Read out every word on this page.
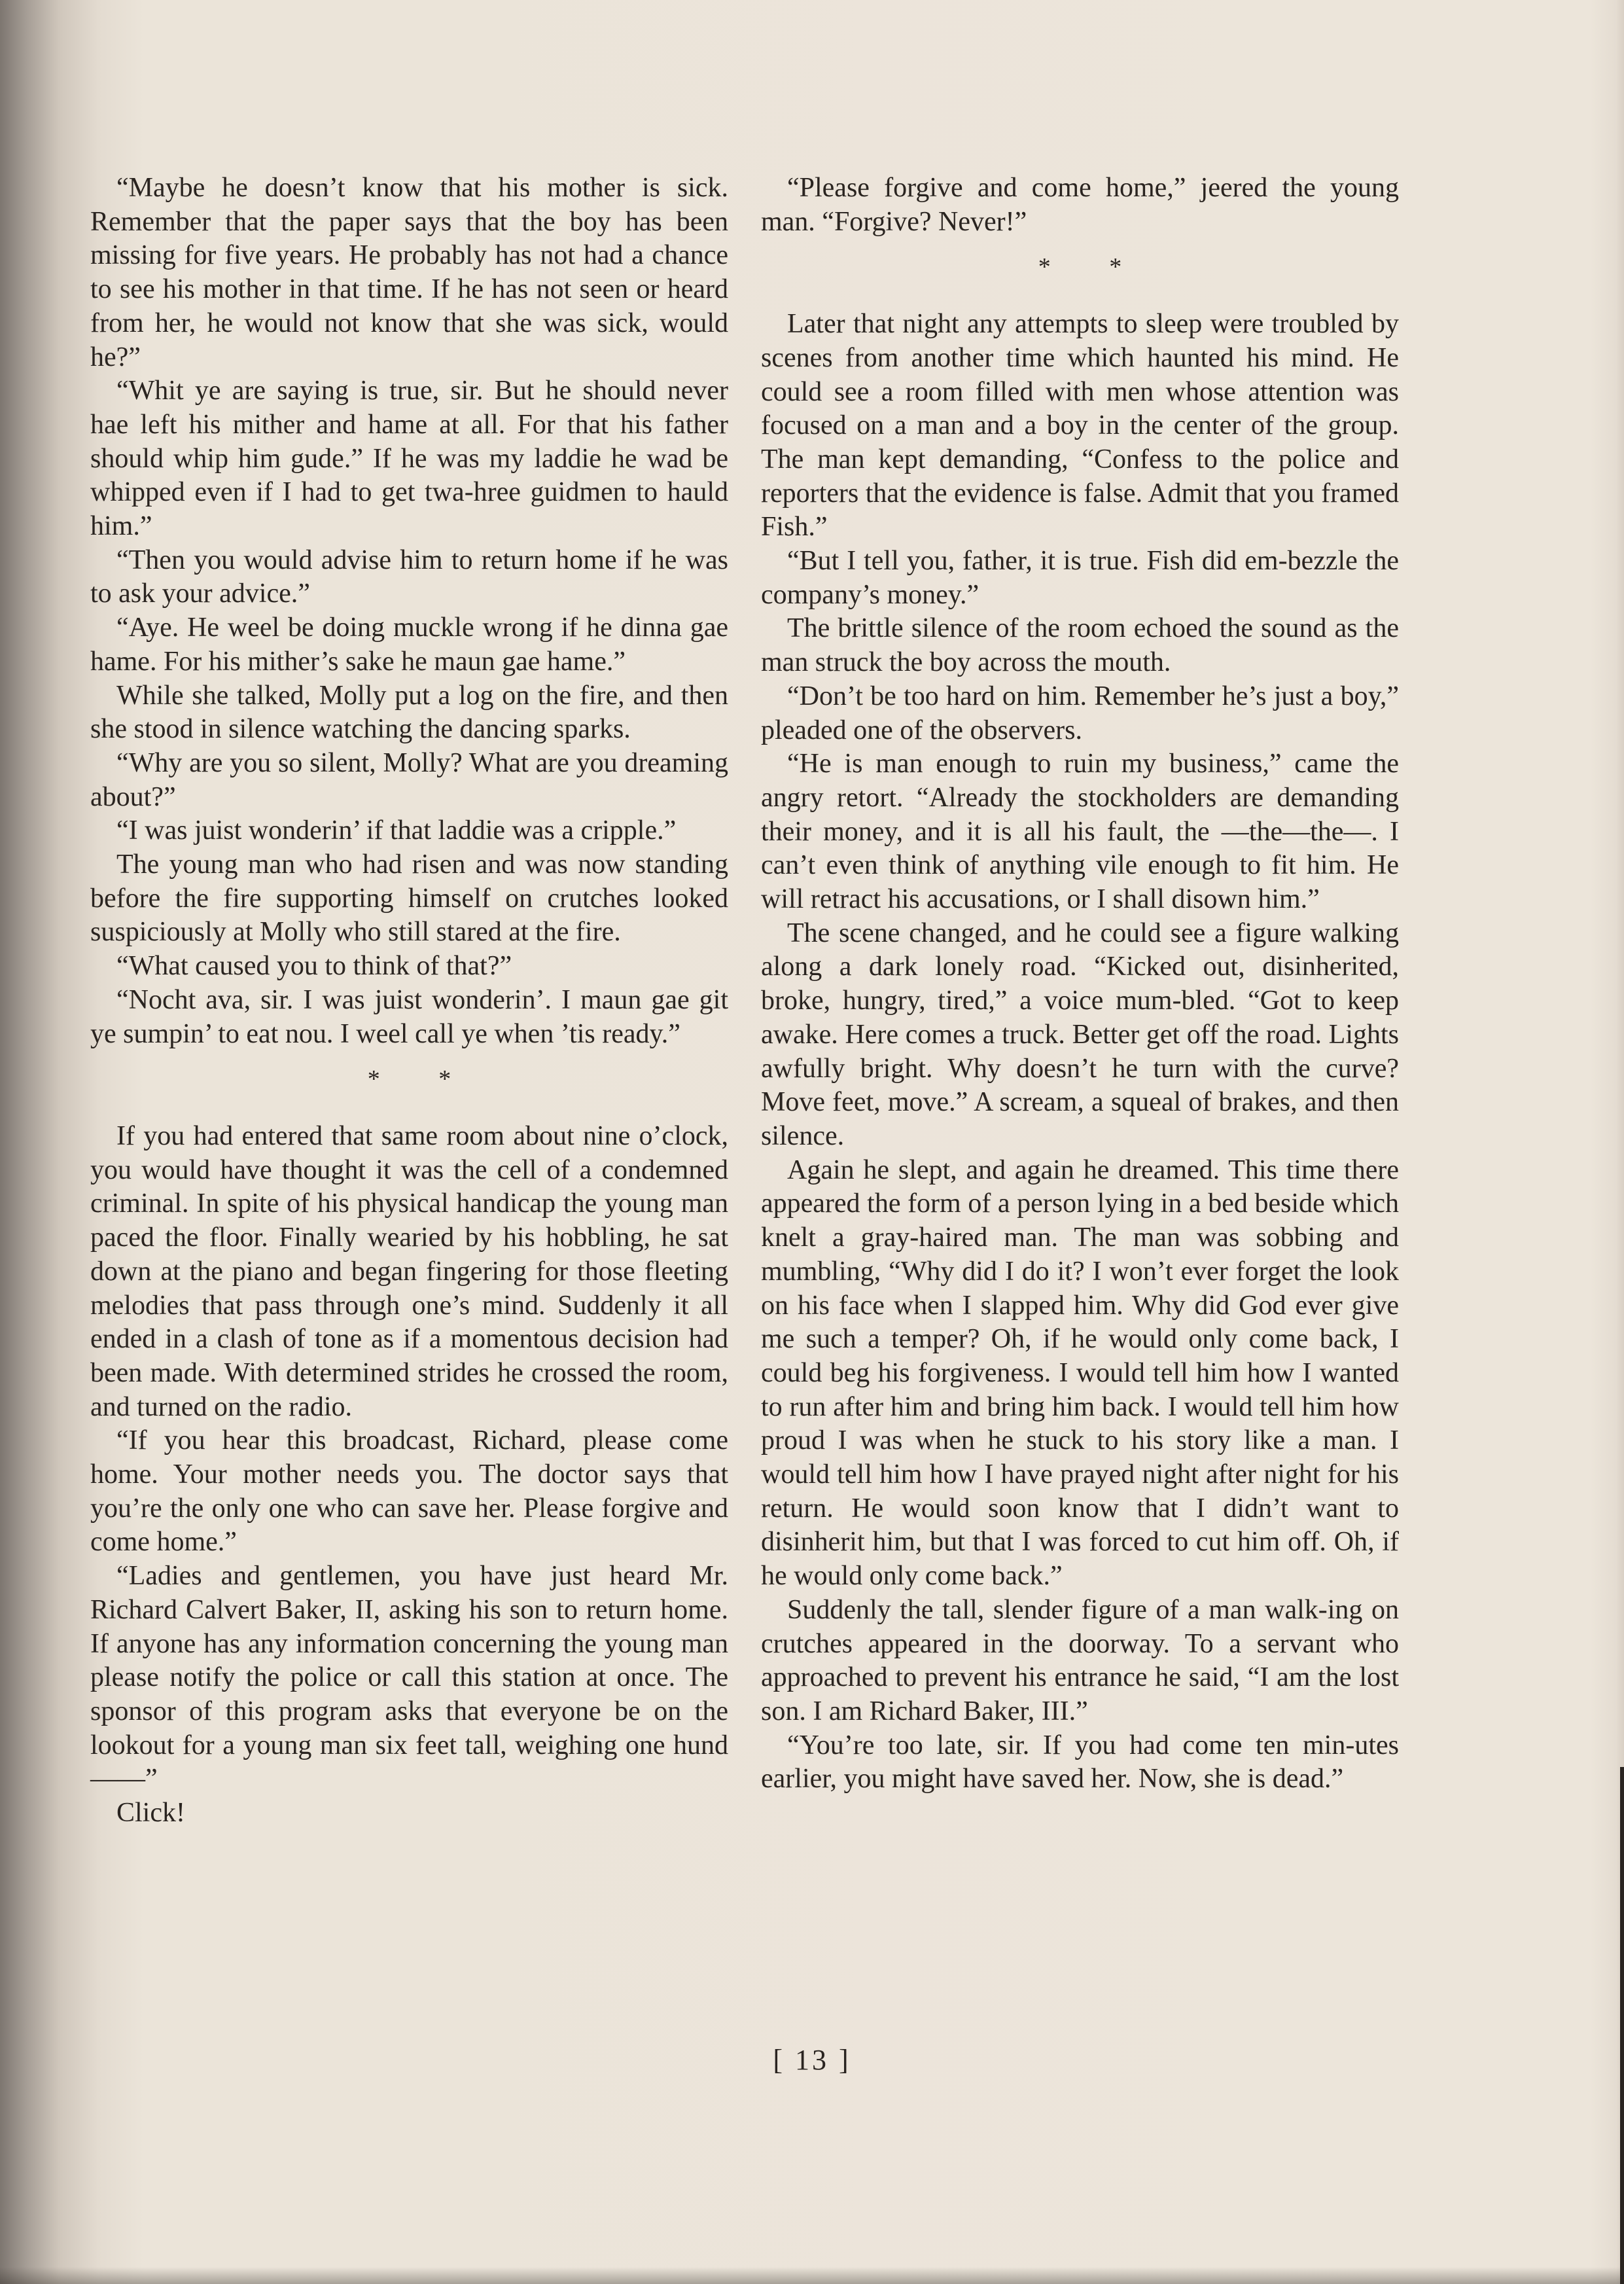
“Maybe he doesn’t know that his mother is sick. Remember that the paper says that the boy has been missing for five years. He probably has not had a chance to see his mother in that time. If he has not seen or heard from her, he would not know that she was sick, would he?”

“Whit ye are saying is true, sir. But he should never hae left his mither and hame at all. For that his father should whip him gude.” If he was my laddie he wad be whipped even if I had to get twa-hree guidmen to hauld him.”

“Then you would advise him to return home if he was to ask your advice.”

“Aye. He weel be doing muckle wrong if he dinna gae hame. For his mither’s sake he maun gae hame.”

While she talked, Molly put a log on the fire, and then she stood in silence watching the dancing sparks.

“Why are you so silent, Molly? What are you dreaming about?”

“I was juist wonderin’ if that laddie was a cripple.”

The young man who had risen and was now standing before the fire supporting himself on crutches looked suspiciously at Molly who still stared at the fire.

“What caused you to think of that?”

“Nocht ava, sir. I was juist wonderin’. I maun gae git ye sumpin’ to eat nou. I weel call ye when ’tis ready.”

* *

If you had entered that same room about nine o’clock, you would have thought it was the cell of a condemned criminal. In spite of his physical handicap the young man paced the floor. Finally wearied by his hobbling, he sat down at the piano and began fingering for those fleeting melodies that pass through one’s mind. Suddenly it all ended in a clash of tone as if a momentous decision had been made. With determined strides he crossed the room, and turned on the radio.

“If you hear this broadcast, Richard, please come home. Your mother needs you. The doctor says that you’re the only one who can save her. Please forgive and come home.”

“Ladies and gentlemen, you have just heard Mr. Richard Calvert Baker, II, asking his son to return home. If anyone has any information concerning the young man please notify the police or call this station at once. The sponsor of this program asks that everyone be on the lookout for a young man six feet tall, weighing one hund——”

Click!

“Please forgive and come home,” jeered the young man. “Forgive? Never!”

* *

Later that night any attempts to sleep were troubled by scenes from another time which haunted his mind. He could see a room filled with men whose attention was focused on a man and a boy in the center of the group. The man kept demanding, “Confess to the police and reporters that the evidence is false. Admit that you framed Fish.”

“But I tell you, father, it is true. Fish did em-bezzle the company’s money.”

The brittle silence of the room echoed the sound as the man struck the boy across the mouth.

“Don’t be too hard on him. Remember he’s just a boy,” pleaded one of the observers.

“He is man enough to ruin my business,” came the angry retort. “Already the stockholders are demanding their money, and it is all his fault, the —the—the—. I can’t even think of anything vile enough to fit him. He will retract his accusations, or I shall disown him.”

The scene changed, and he could see a figure walking along a dark lonely road. “Kicked out, disinherited, broke, hungry, tired,” a voice mum-bled. “Got to keep awake. Here comes a truck. Better get off the road. Lights awfully bright. Why doesn’t he turn with the curve? Move feet, move.” A scream, a squeal of brakes, and then silence.

Again he slept, and again he dreamed. This time there appeared the form of a person lying in a bed beside which knelt a gray-haired man. The man was sobbing and mumbling, “Why did I do it? I won’t ever forget the look on his face when I slapped him. Why did God ever give me such a temper? Oh, if he would only come back, I could beg his forgiveness. I would tell him how I wanted to run after him and bring him back. I would tell him how proud I was when he stuck to his story like a man. I would tell him how I have prayed night after night for his return. He would soon know that I didn’t want to disinherit him, but that I was forced to cut him off. Oh, if he would only come back.”

Suddenly the tall, slender figure of a man walk-ing on crutches appeared in the doorway. To a servant who approached to prevent his entrance he said, “I am the lost son. I am Richard Baker, III.”

“You’re too late, sir. If you had come ten min-utes earlier, you might have saved her. Now, she is dead.”

[ 13 ]
